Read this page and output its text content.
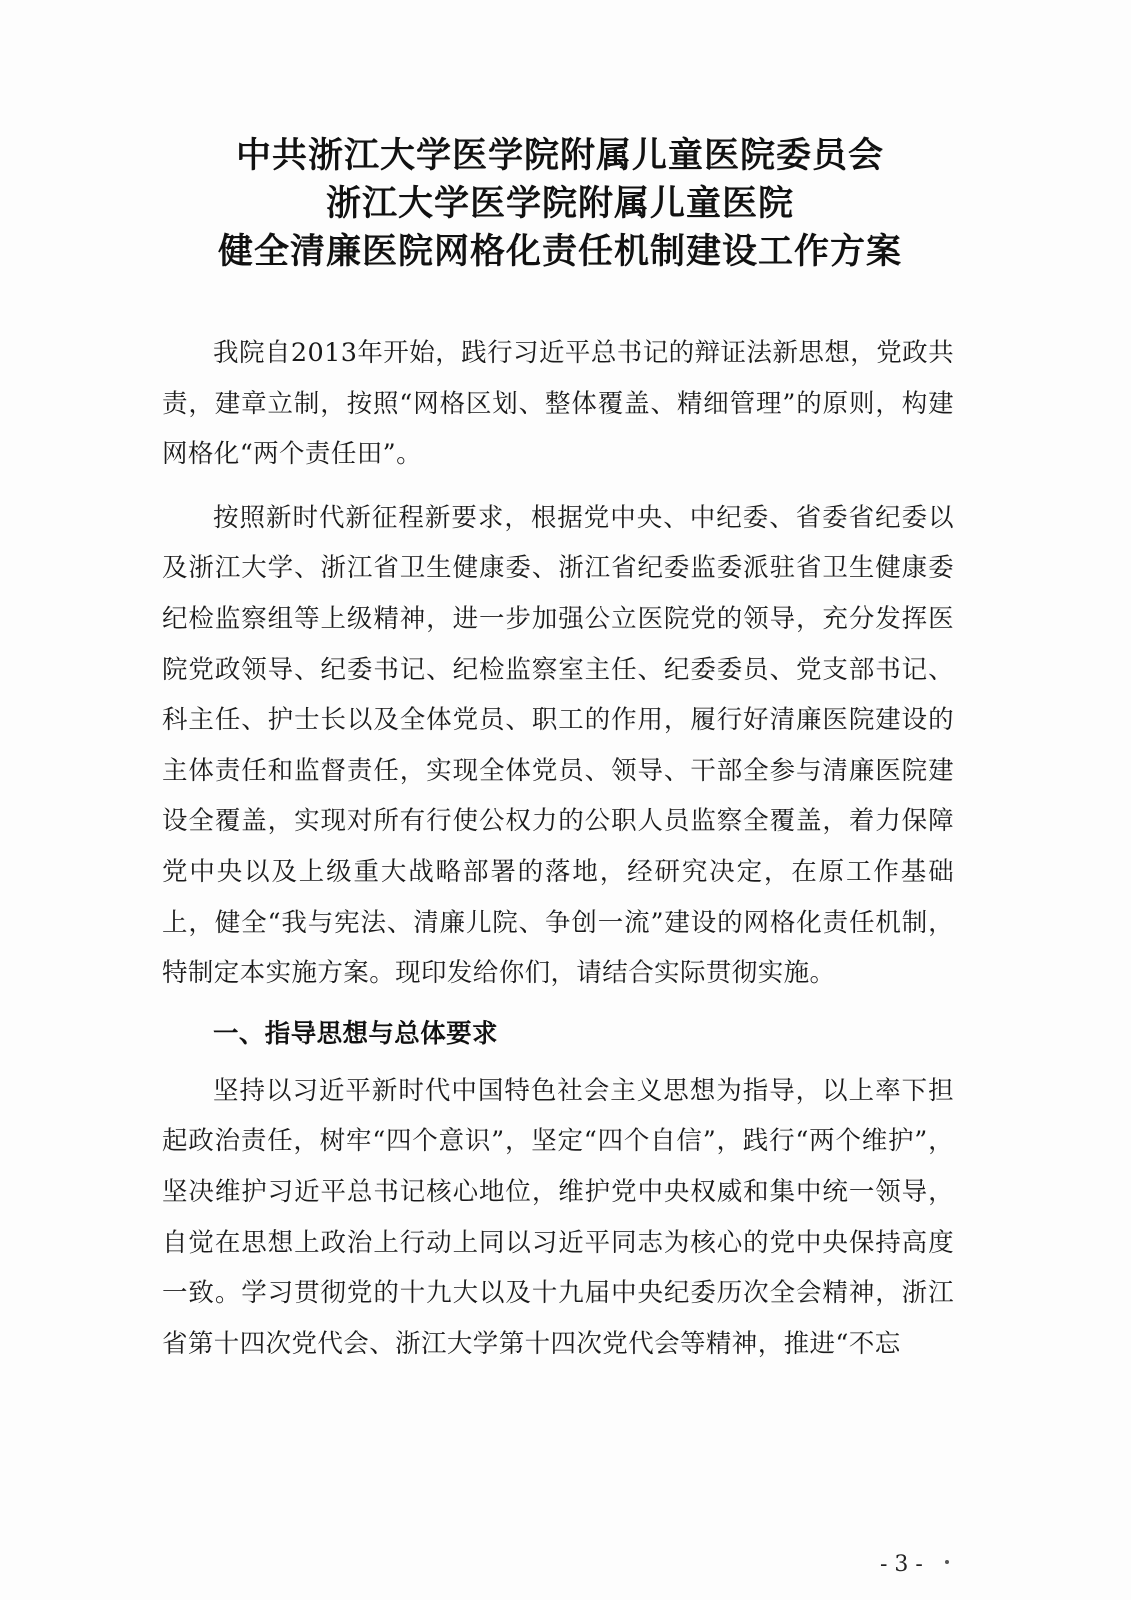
中共浙江大学医学院附属儿童医院委员会
浙江大学医学院附属儿童医院
健全清廉医院网格化责任机制建设工作方案

我院自2013年开始，践行习近平总书记的辩证法新思想，党政共责，建章立制，按照“网格区划、整体覆盖、精细管理”的原则，构建网格化“两个责任田”。

按照新时代新征程新要求，根据党中央、中纪委、省委省纪委以及浙江大学、浙江省卫生健康委、浙江省纪委监委派驻省卫生健康委纪检监察组等上级精神，进一步加强公立医院党的领导，充分发挥医院党政领导、纪委书记、纪检监察室主任、纪委委员、党支部书记、科主任、护士长以及全体党员、职工的作用，履行好清廉医院建设的主体责任和监督责任，实现全体党员、领导、干部全参与清廉医院建设全覆盖，实现对所有行使公权力的公职人员监察全覆盖，着力保障党中央以及上级重大战略部署的落地，经研究决定，在原工作基础上，健全“我与宪法、清廉儿院、争创一流”建设的网格化责任机制，特制定本实施方案。现印发给你们，请结合实际贯彻实施。

一、指导思想与总体要求

坚持以习近平新时代中国特色社会主义思想为指导，以上率下担起政治责任，树牢“四个意识”，坚定“四个自信”，践行“两个维护”，坚决维护习近平总书记核心地位，维护党中央权威和集中统一领导，自觉在思想上政治上行动上同以习近平同志为核心的党中央保持高度一致。学习贯彻党的十九大以及十九届中央纪委历次全会精神，浙江省第十四次党代会、浙江大学第十四次党代会等精神，推进“不忘

- 3 -
